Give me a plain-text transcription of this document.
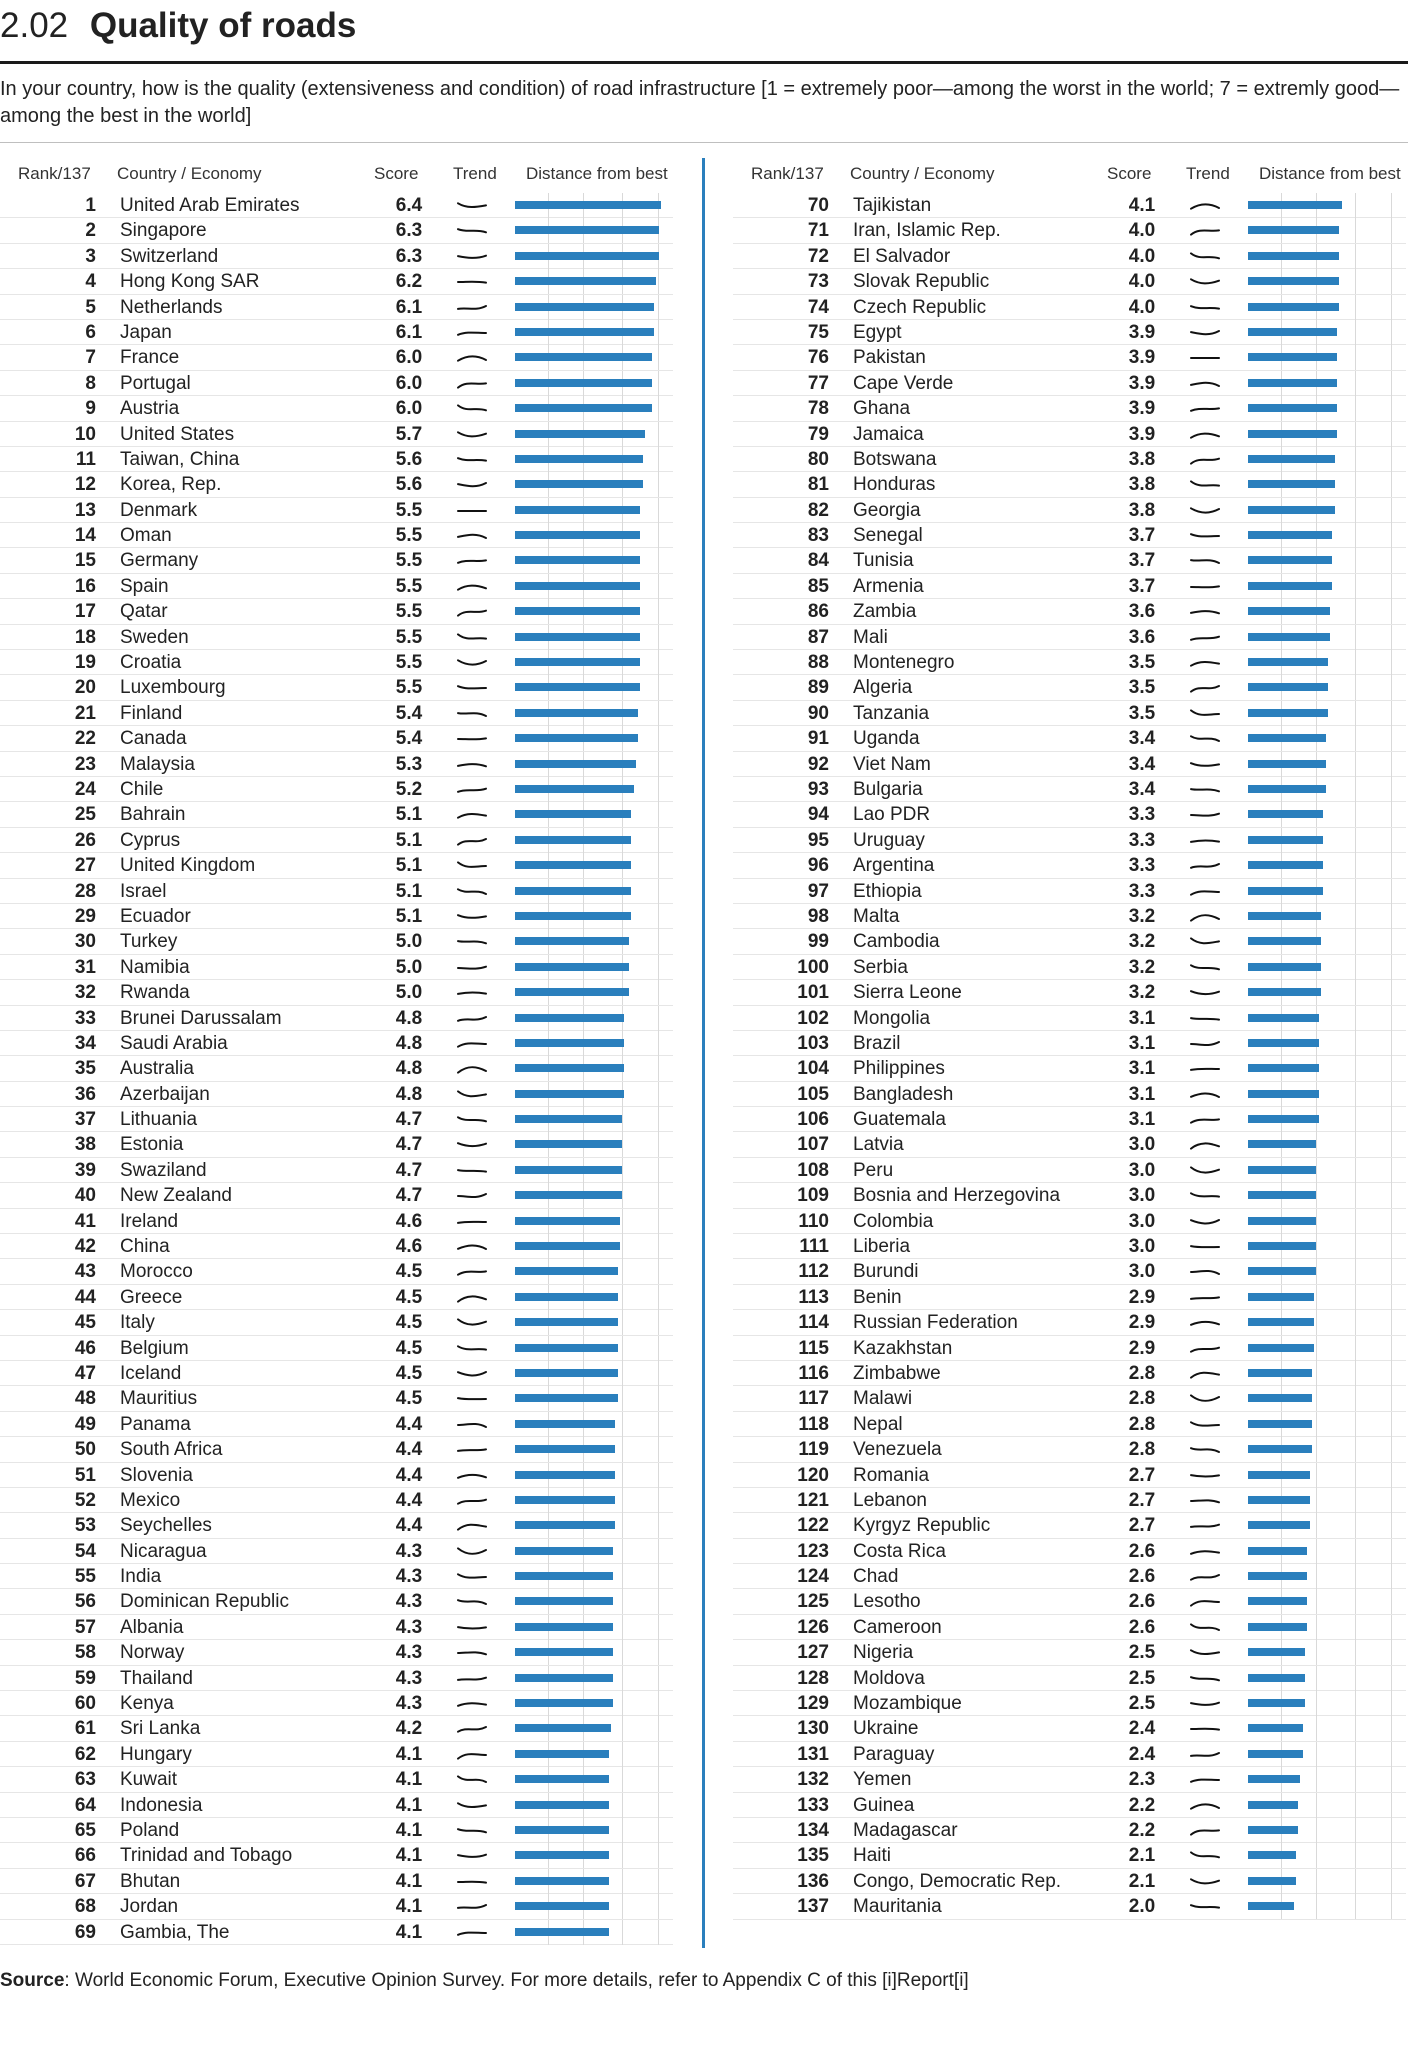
2.02 Quality of roads
In your country, how is the quality (extensiveness and condition) of road infrastructure [1 = extremely poor—among the worst in the world; 7 = extremly good—among the best in the world]
Rank/137 Country / Economy	Score Trend Distance from best
1 United Arab Emirates	6.4
2 Singapore	6.3
3 Switzerland	6.3
4 Hong Kong SAR	6.2
5 Netherlands	6.1
6 Japan	6.1
7 France	6.0
8 Portugal	6.0
9 Austria	6.0
10 United States	5.7
11 Taiwan, China	5.6
12 Korea, Rep.	5.6
13 Denmark	5.5
14 Oman	5.5
15 Germany	5.5
16 Spain	5.5
17 Qatar	5.5
18 Sweden	5.5
19 Croatia	5.5
20 Luxembourg	5.5
21 Finland	5.4
22 Canada	5.4
23 Malaysia	5.3
24 Chile	5.2
25 Bahrain	5.1
26 Cyprus	5.1
27 United Kingdom	5.1
28 Israel	5.1
29 Ecuador	5.1
30 Turkey	5.0
31 Namibia	5.0
32 Rwanda	5.0
33 Brunei Darussalam	4.8
34 Saudi Arabia	4.8
35 Australia	4.8
36 Azerbaijan	4.8
37 Lithuania	4.7
38 Estonia	4.7
39 Swaziland	4.7
40 New Zealand	4.7
41 Ireland	4.6
42 China	4.6
43 Morocco	4.5
44 Greece	4.5
45 Italy	4.5
46 Belgium	4.5
47 Iceland	4.5
48 Mauritius	4.5
49 Panama	4.4
50 South Africa	4.4
51 Slovenia	4.4
52 Mexico	4.4
53 Seychelles	4.4
54 Nicaragua	4.3
55 India	4.3
56 Dominican Republic	4.3
57 Albania	4.3
58 Norway	4.3
59 Thailand	4.3
60 Kenya	4.3
61 Sri Lanka	4.2
62 Hungary	4.1
63 Kuwait	4.1
64 Indonesia	4.1
65 Poland	4.1
66 Trinidad and Tobago	4.1
67 Bhutan	4.1
68 Jordan	4.1
69 Gambia, The	4.1
Rank/137 Country / Economy	Score Trend Distance from best
70 Tajikistan	4.1
71 Iran, Islamic Rep.	4.0
72 El Salvador	4.0
73 Slovak Republic	4.0
74 Czech Republic	4.0
75 Egypt	3.9
76 Pakistan	3.9
77 Cape Verde	3.9
78 Ghana	3.9
79 Jamaica	3.9
80 Botswana	3.8
81 Honduras	3.8
82 Georgia	3.8
83 Senegal	3.7
84 Tunisia	3.7
85 Armenia	3.7
86 Zambia	3.6
87 Mali	3.6
88 Montenegro	3.5
89 Algeria	3.5
90 Tanzania	3.5
91 Uganda	3.4
92 Viet Nam	3.4
93 Bulgaria	3.4
94 Lao PDR	3.3
95 Uruguay	3.3
96 Argentina	3.3
97 Ethiopia	3.3
98 Malta	3.2
99 Cambodia	3.2
100 Serbia	3.2
101 Sierra Leone	3.2
102 Mongolia	3.1
103 Brazil	3.1
104 Philippines	3.1
105 Bangladesh	3.1
106 Guatemala	3.1
107 Latvia	3.0
108 Peru	3.0
109 Bosnia and Herzegovina	3.0
110 Colombia	3.0
111 Liberia	3.0
112 Burundi	3.0
113 Benin	2.9
114 Russian Federation	2.9
115 Kazakhstan	2.9
116 Zimbabwe	2.8
117 Malawi	2.8
118 Nepal	2.8
119 Venezuela	2.8
120 Romania	2.7
121 Lebanon	2.7
122 Kyrgyz Republic	2.7
123 Costa Rica	2.6
124 Chad	2.6
125 Lesotho	2.6
126 Cameroon	2.6
127 Nigeria	2.5
128 Moldova	2.5
129 Mozambique	2.5
130 Ukraine	2.4
131 Paraguay	2.4
132 Yemen	2.3
133 Guinea	2.2
134 Madagascar	2.2
135 Haiti	2.1
136 Congo, Democratic Rep.	2.1
137 Mauritania	2.0
Source: World Economic Forum, Executive Opinion Survey. For more details, refer to Appendix C of this [i]Report[i]
